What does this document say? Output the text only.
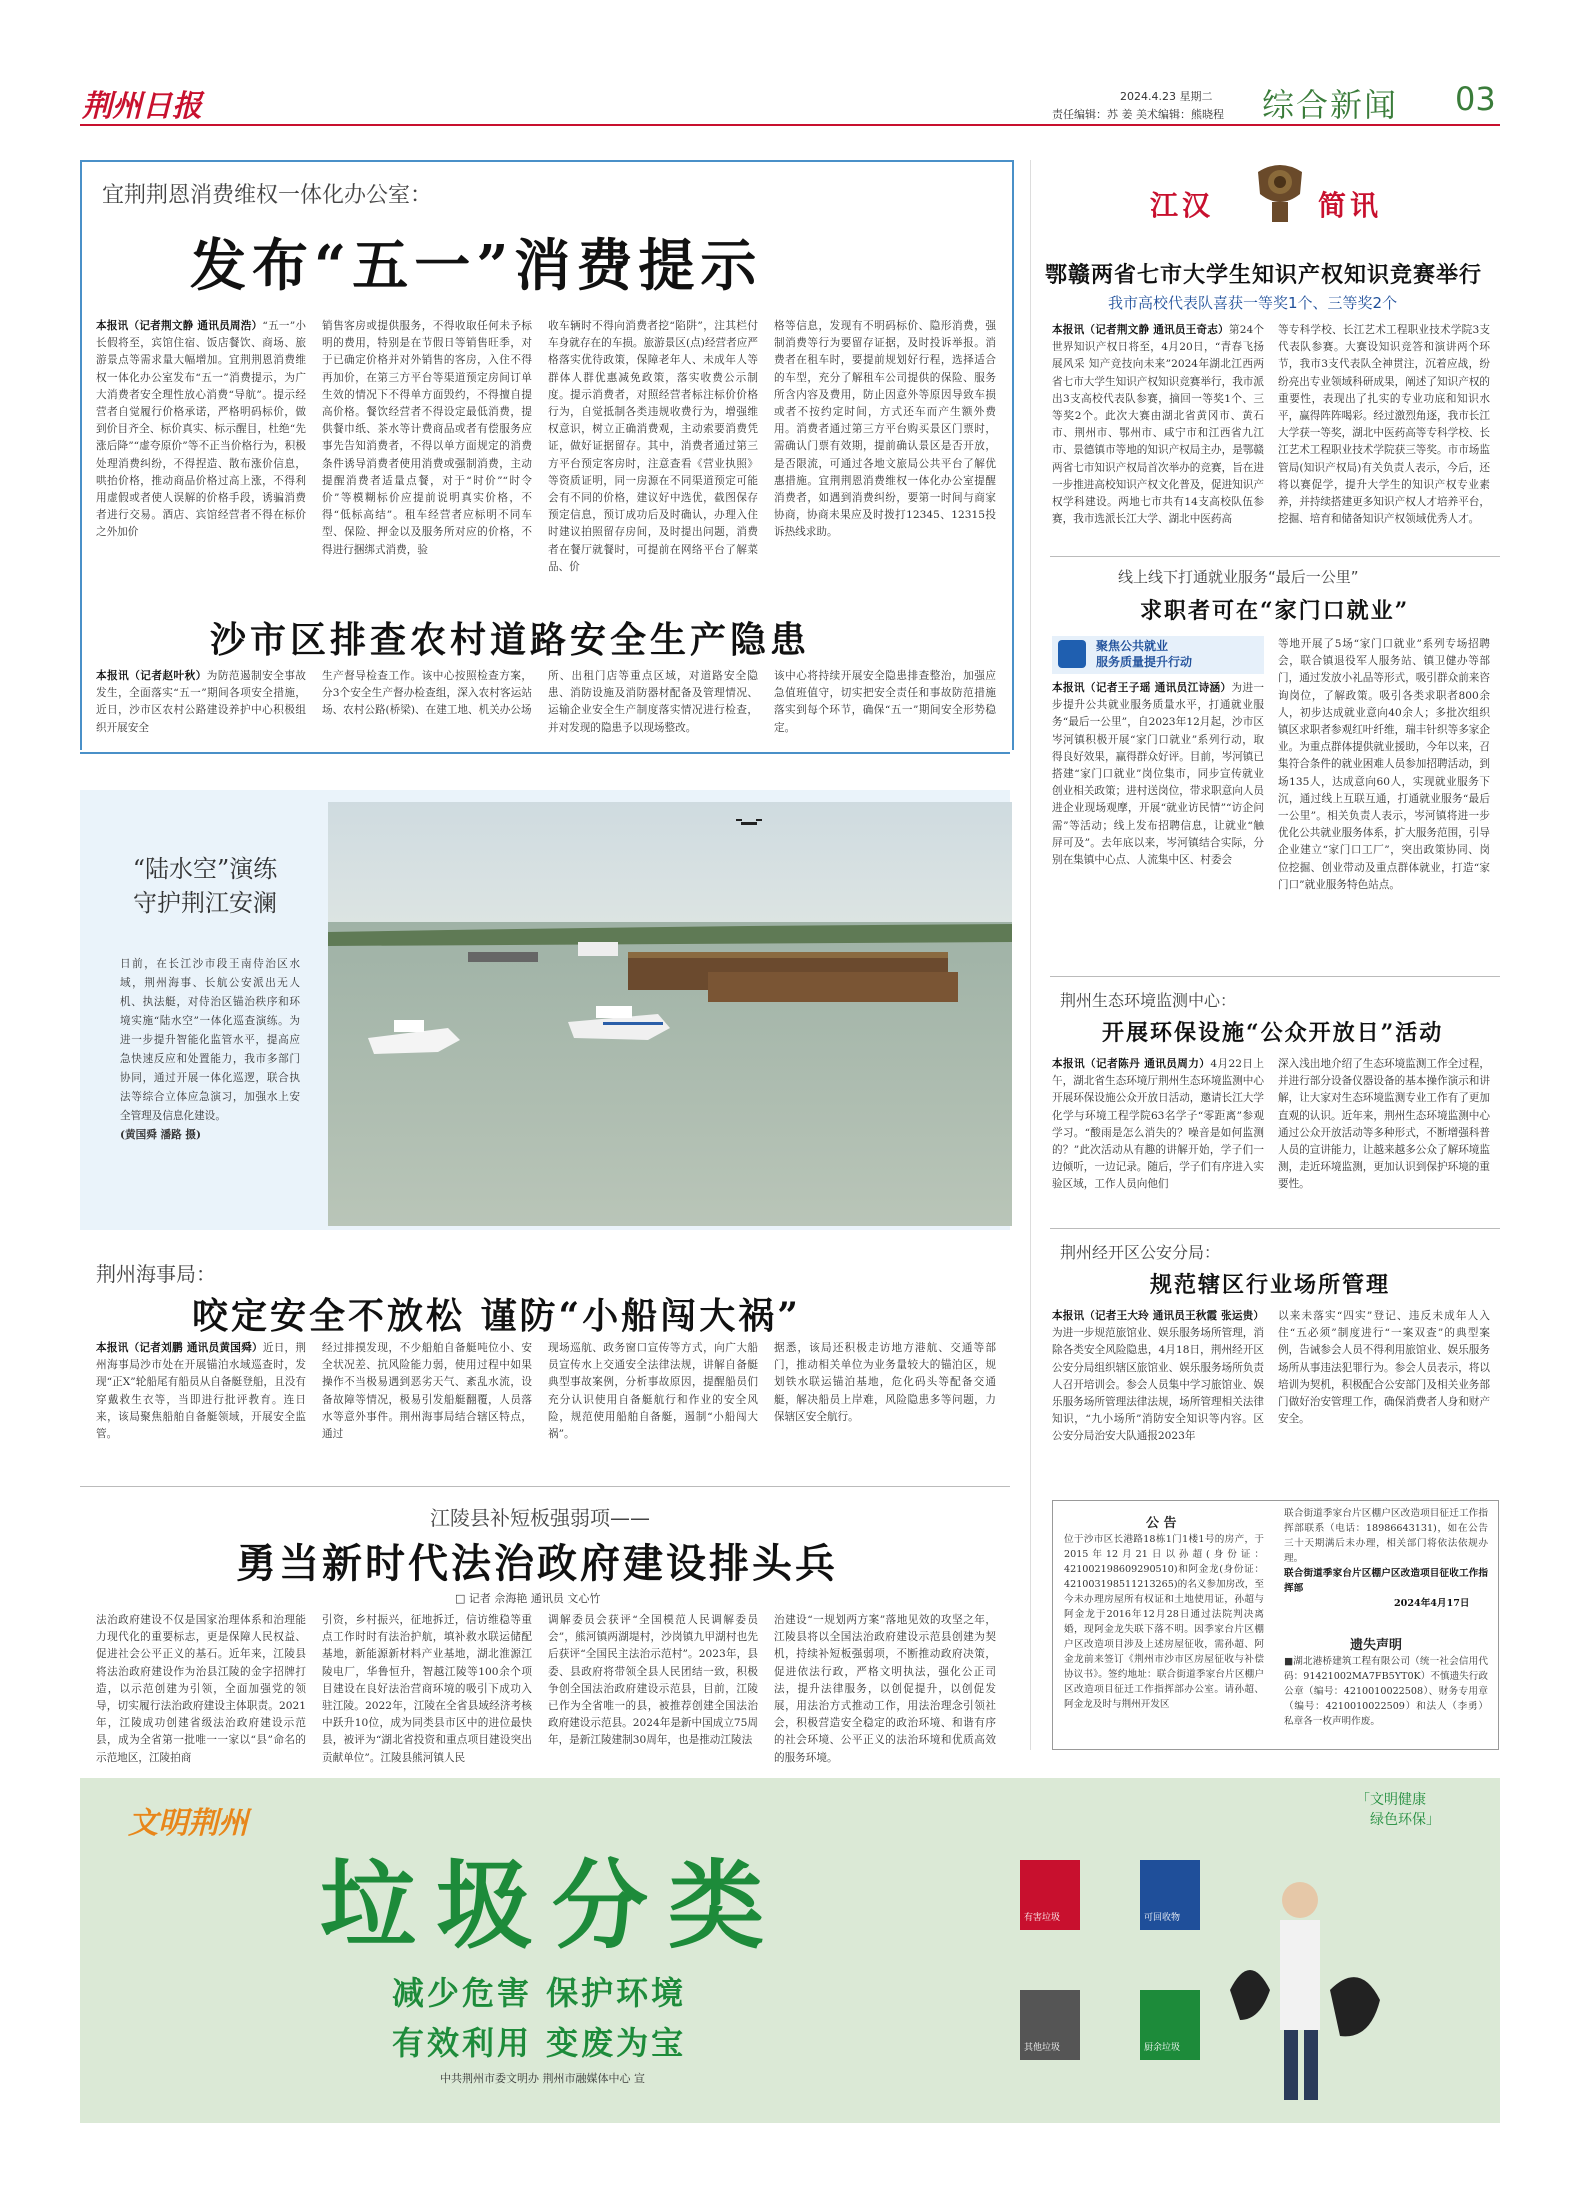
荆州日报	2024.4.23 星期二
责任编辑：苏 姜 美术编辑：熊晓程 综合新闻 03
宜荆荆恩消费维权一体化办公室：
发布“五一”消费提示
本报讯（记者荆文静 通讯员周浩）“五一”小长假将至，宾馆住宿、饭店餐饮、商场、旅游景点等需求量大幅增加。宜荆荆恩消费维权一体化办公室发布“五一”消费提示，为广大消费者安全理性放心消费“导航”。提示经营者自觉履行价格承诺，严格明码标价，做到价目齐全、标价真实、标示醒目，杜绝“先涨后降”“虚夸原价”等不正当价格行为，积极处理消费纠纷，不得捏造、散布涨价信息，哄抬价格，推动商品价格过高上涨，不得利用虚假或者使人误解的价格手段，诱骗消费者进行交易。酒店、宾馆经营者不得在标价之外加价
销售客房或提供服务，不得收取任何未予标明的费用，特别是在节假日等销售旺季，对于已确定价格并对外销售的客房，入住不得再加价，在第三方平台等渠道预定房间订单生效的情况下不得单方面毁约，不得擅自提高价格。餐饮经营者不得设定最低消费，提供餐巾纸、茶水等计费商品或者有偿服务应事先告知消费者，不得以单方面规定的消费条件诱导消费者使用消费或强制消费，主动提醒消费者适量点餐，对于“时价”“时令价”等模糊标价应提前说明真实价格，不得“低标高结”。租车经营者应标明不同车型、保险、押金以及服务所对应的价格，不得进行捆绑式消费，验
收车辆时不得向消费者挖“陷阱”，注其栏付车身就存在的车损。旅游景区(点)经营者应严格落实优待政策，保障老年人、未成年人等群体人群优惠减免政策，落实收费公示制度。提示消费者，对照经营者标注标价价格行为，自觉抵制各类违规收费行为，增强维权意识，树立正确消费观，主动索要消费凭证，做好证据留存。其中，消费者通过第三方平台预定客房时，注意查看《营业执照》等资质证明，同一房源在不同渠道预定可能会有不同的价格，建议好中选优，截图保存预定信息，预订成功后及时确认，办理入住时建议拍照留存房间，及时提出问题，消费者在餐厅就餐时，可提前在网络平台了解菜品、价
格等信息，发现有不明码标价、隐形消费，强制消费等行为要留存证据，及时投诉举报。消费者在租车时，要提前规划好行程，选择适合的车型，充分了解租车公司提供的保险、服务所含内容及费用，防止因意外等原因导致车损或者不按约定时间，方式还车而产生额外费用。消费者通过第三方平台购买景区门票时，需确认门票有效期，提前确认景区是否开放，是否限流，可通过各地文旅局公共平台了解优惠措施。宜荆荆恩消费维权一体化办公室提醒消费者，如遇到消费纠纷，要第一时间与商家协商，协商未果应及时拨打12345、12315投诉热线求助。
沙市区排查农村道路安全生产隐患
本报讯（记者赵叶秋）为防范遏制安全事故发生，全面落实“五一”期间各项安全措施，近日，沙市区农村公路建设养护中心积极组织开展安全
生产督导检查工作。该中心按照检查方案，分3个安全生产督办检查组，深入农村客运站场、农村公路(桥梁)、在建工地、机关办公场
所、出租门店等重点区域，对道路安全隐患、消防设施及消防器材配备及管理情况、运输企业安全生产制度落实情况进行检查，并对发现的隐患予以现场整改。
该中心将持续开展安全隐患排查整治，加强应急值班值守，切实把安全责任和事故防范措施落实到每个环节，确保“五一”期间安全形势稳定。
“陆水空”演练
守护荆江安澜
日前，在长江沙市段王南侍治区水域，荆州海事、长航公安派出无人机、执法艇，对侍治区锚治秩序和环境实施“陆水空”一体化巡查演练。为进一步提升智能化监管水平，提高应急快速反应和处置能力，我市多部门协同，通过开展一体化巡逻，联合执法等综合立体应急演习，加强水上安全管理及信息化建设。
(黄国舜 潘路 摄)
荆州海事局：
咬定安全不放松 谨防“小船闯大祸”
本报讯（记者刘鹏 通讯员黄国舜）近日，荆州海事局沙市处在开展锚泊水域巡查时，发现“正X”轮船尾有船员从自备艇登船，且没有穿戴救生衣等，当即进行批评教育。连日来，该局聚焦船舶自备艇领域，开展安全监管。
经过排摸发现，不少船舶自备艇吨位小、安全状况差、抗风险能力弱，使用过程中如果操作不当极易遇到恶劣天气、紊乱水流，设备故障等情况，极易引发船艇翻覆，人员落水等意外事件。荆州海事局结合辖区特点，通过
现场巡航、政务窗口宣传等方式，向广大船员宣传水上交通安全法律法规，讲解自备艇典型事故案例，分析事故原因，提醒船员们充分认识使用自备艇航行和作业的安全风险，规范使用船舶自备艇，遏制“小船闯大祸”。
据悉，该局还积极走访地方港航、交通等部门，推动相关单位为业务量较大的锚泊区，规划铁水联运锚泊基地，危化码头等配备交通艇，解决船员上岸难，风险隐患多等问题，力保辖区安全航行。
江陵县补短板强弱项——
勇当新时代法治政府建设排头兵
□ 记者 佘海艳 通讯员 文心竹
法治政府建设不仅是国家治理体系和治理能力现代化的重要标志，更是保障人民权益、促进社会公平正义的基石。近年来，江陵县将法治政府建设作为治县江陵的金字招牌打造，以示范创建为引领，全面加强党的领导，切实履行法治政府建设主体职责。2021年，江陵成功创建省级法治政府建设示范县，成为全省第一批唯一一家以“县”命名的示范地区，江陵拍商
引资，乡村振兴，征地拆迁，信访维稳等重点工作时时有法治护航，填补救水联运储配基地，新能源新材料产业基地，湖北淮源江陵电厂，华鲁恒升，智越江陵等100余个项目建设在良好法治营商环境的吸引下成功入驻江陵。2022年，江陵在全省县域经济考核中跃升10位，成为同类县市区中的进位最快县，被评为“湖北省投资和重点项目建设突出贡献单位”。江陵县熊河镇人民
调解委员会获评“全国模范人民调解委员会”，熊河镇两湖堤村，沙岗镇九甲湖村也先后获评“全国民主法治示范村”。2023年，县委、县政府将带领全县人民团结一致，积极争创全国法治政府建设示范县，目前，江陵已作为全省唯一的县，被推荐创建全国法治政府建设示范县。2024年是新中国成立75周年，是新江陵建制30周年，也是推动江陵法
治建设“一规划两方案”落地见效的攻坚之年，江陵县将以全国法治政府建设示范县创建为契机，持续补短板强弱项，不断推动政府决策，促进依法行政，严格文明执法，强化公正司法，提升法律服务，以创促提升，以创促发展，用法治方式推动工作，用法治理念引领社会，积极营造安全稳定的政治环境、和谐有序的社会环境、公平正义的法治环境和优质高效的服务环境。
江汉	简讯
鄂赣两省七市大学生知识产权知识竞赛举行
我市高校代表队喜获一等奖1个、三等奖2个
本报讯（记者荆文静 通讯员王奇志）第24个世界知识产权日将至，4月20日，“青春飞扬展风采 知产竞技向未来”2024年湖北江西两省七市大学生知识产权知识竞赛举行，我市派出3支高校代表队参赛，摘回一等奖1个、三等奖2个。此次大赛由湖北省黄冈市、黄石市、荆州市、鄂州市、咸宁市和江西省九江市、景德镇市等地的知识产权局主办，是鄂赣两省七市知识产权局首次举办的竞赛，旨在进一步推进高校知识产权文化普及，促进知识产权学科建设。两地七市共有14支高校队伍参赛，我市选派长江大学、湖北中医药高
等专科学校、长江艺术工程职业技术学院3支代表队参赛。大赛设知识竞答和演讲两个环节，我市3支代表队全神贯注，沉着应战，纷纷亮出专业领域科研成果，阐述了知识产权的重要性，表现出了扎实的专业功底和知识水平，赢得阵阵喝彩。经过激烈角逐，我市长江大学获一等奖，湖北中医药高等专科学校、长江艺术工程职业技术学院获三等奖。市市场监管局(知识产权局)有关负责人表示，今后，还将以赛促学，提升大学生的知识产权专业素养，并持续搭建更多知识产权人才培养平台，挖掘、培育和储备知识产权领域优秀人才。
线上线下打通就业服务“最后一公里”
求职者可在“家门口就业”
聚焦公共就业
服务质量提升行动
本报讯（记者王子瑶 通讯员江诗涵）为进一步提升公共就业服务质量水平，打通就业服务“最后一公里”，自2023年12月起，沙市区岑河镇积极开展“家门口就业”系列行动，取得良好效果，赢得群众好评。目前，岑河镇已搭建“家门口就业”岗位集市，同步宣传就业创业相关政策；进村送岗位，带求职意向人员进企业现场观摩，开展“就业访民情”“访企问需”等活动；线上发布招聘信息，让就业“触屏可及”。去年底以来，岑河镇结合实际，分别在集镇中心点、人流集中区、村委会
等地开展了5场“家门口就业”系列专场招聘会，联合镇退役军人服务站、镇卫健办等部门，通过发放小礼品等形式，吸引群众前来咨询岗位，了解政策。吸引各类求职者800余人，初步达成就业意向40余人；多批次组织镇区求职者参观红叶纤维，瑞丰针织等多家企业。为重点群体提供就业援助，今年以来，召集符合条件的就业困难人员参加招聘活动，到场135人，达成意向60人，实现就业服务下沉，通过线上互联互通，打通就业服务“最后一公里”。相关负责人表示，岑河镇将进一步优化公共就业服务体系，扩大服务范围，引导企业建立“家门口工厂”，突出政策协同、岗位挖掘、创业带动及重点群体就业，打造“家门口”就业服务特色站点。
荆州生态环境监测中心：
开展环保设施“公众开放日”活动
本报讯（记者陈丹 通讯员周力）4月22日上午，湖北省生态环境厅荆州生态环境监测中心开展环保设施公众开放日活动，邀请长江大学化学与环境工程学院63名学子“零距离”参观学习。“酸雨是怎么消失的？噪音是如何监测的？”此次活动从有趣的讲解开始，学子们一边倾听，一边记录。随后，学子们有序进入实验区域，工作人员向他们
深入浅出地介绍了生态环境监测工作全过程，并进行部分设备仪器设备的基本操作演示和讲解，让大家对生态环境监测专业工作有了更加直观的认识。近年来，荆州生态环境监测中心通过公众开放活动等多种形式，不断增强科普人员的宣讲能力，让越来越多公众了解环境监测，走近环境监测，更加认识到保护环境的重要性。
荆州经开区公安分局：
规范辖区行业场所管理
本报讯（记者王大玲 通讯员王秋霞 张运贵）为进一步规范旅馆业、娱乐服务场所管理，消除各类安全风险隐患，4月18日，荆州经开区公安分局组织辖区旅馆业、娱乐服务场所负责人召开培训会。参会人员集中学习旅馆业、娱乐服务场所管理法律法规，场所管理相关法律知识，“九小场所”消防安全知识等内容。区公安分局治安大队通报2023年
以来未落实“四实”登记、违反未成年人入住“五必须”制度进行“一案双查”的典型案例，告诫参会人员不得利用旅馆业、娱乐服务场所从事违法犯罪行为。参会人员表示，将以培训为契机，积极配合公安部门及相关业务部门做好治安管理工作，确保消费者人身和财产安全。
公 告
位于沙市区长港路18栋1门1楼1号的房产，于2015年12月21日以孙超(身份证：421002198609290510)和阿金龙(身份证：421003198511213265)的名义参加房改，至今未办理房屋所有权证和土地使用证，孙超与阿金龙于2016年12月28日通过法院判决离婚，现阿金龙失联下落不明。因季家台片区棚户区改造项目涉及上述房屋征收，需孙超、阿金龙前来签订《荆州市沙市区房屋征收与补偿协议书》。签约地址：联合街道季家台片区棚户区改造项目征迁工作指挥部办公室。请孙超、阿金龙及时与荆州开发区
联合街道季家台片区棚户区改造项目征迁工作指挥部联系（电话：18986643131)，如在公告三十天期满后未办理，相关部门将依法依规办理。
联合街道季家台片区棚户区改造项目征收工作指挥部
2024年4月17日
遗失声明
■湖北港桥建筑工程有限公司（统一社会信用代码：91421002MA7FB5YT0K）不慎遗失行政公章（编号：4210010022508）、财务专用章（编号：4210010022509）和法人（李勇）私章各一枚声明作废。
文明荆州
垃圾分类
减少危害 保护环境
有效利用 变废为宝
中共荆州市委文明办 荆州市融媒体中心 宣
「文明健康
绿色环保」
有害垃圾	可回收物
其他垃圾	厨余垃圾
